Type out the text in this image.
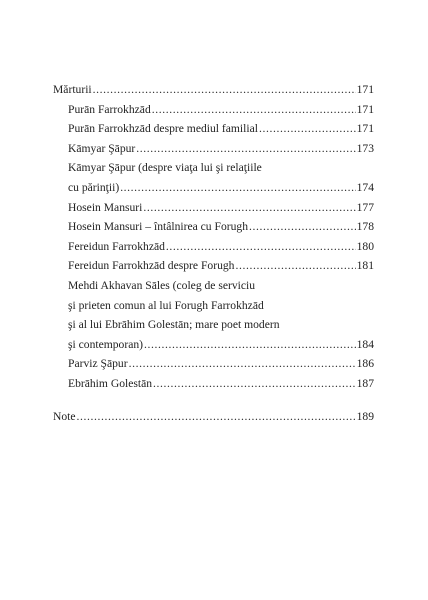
Mărturii .....	171
Purān Farrokhzād .....	171
Purān Farrokhzād despre mediul familial .....	171
Kāmyar Şāpur .....	173
Kāmyar Şāpur (despre viaţa lui şi relaţiile
cu părinţii) .....	174
Hosein Mansuri .....	177
Hosein Mansuri – întâlnirea cu Forugh .....	178
Fereidun Farrokhzād .....	180
Fereidun Farrokhzād despre Forugh .....	181
Mehdi Akhavan Sāles (coleg de serviciu
şi prieten comun al lui Forugh Farrokhzād
şi al lui Ebrāhim Golestān; mare poet modern
şi contemporan) .....	184
Parviz Şāpur .....	186
Ebrāhim Golestān .....	187
Note .....	189
